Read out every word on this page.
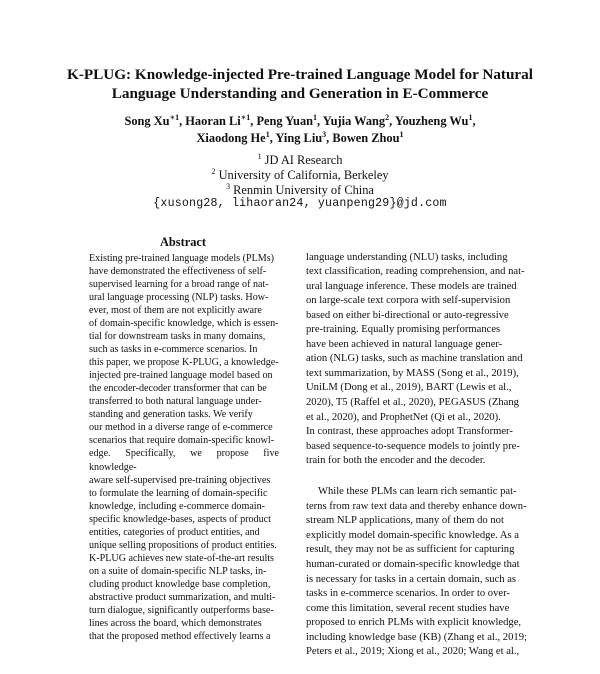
K-PLUG: Knowledge-injected Pre-trained Language Model for Natural
Language Understanding and Generation in E-Commerce
Song $Xu^{∗1}$, Haoran $Li^{∗1}$, Peng Yuan$^1$, Yujia Wang$^2$, Youzheng Wu$^1$,
Xiaodong He$^1$, Ying Liu$^3$, Bowen Zhou$^1$
$^1$ JD AI Research
$^2$ University of California, Berkeley
$^3$ Renmin University of China
{xusong28, lihaoran24, yuanpeng29}@jd.com
Abstract

Existing pre-trained language models (PLMs)
have demonstrated the effectiveness of self-
supervised learning for a broad range of nat-
ural language processing (NLP) tasks. How-
ever, most of them are not explicitly aware
of domain-specific knowledge, which is essen-
tial for downstream tasks in many domains,
such as tasks in e-commerce scenarios. In
this paper, we propose K-PLUG, a knowledge-
injected pre-trained language model based on
the encoder-decoder transformer that can be
transferred to both natural language under-
standing and generation tasks. We verify
our method in a diverse range of e-commerce
scenarios that require domain-specific knowl-
edge. Specifically, we propose five knowledge-
aware self-supervised pre-training objectives
to formulate the learning of domain-specific
knowledge, including e-commerce domain-
specific knowledge-bases, aspects of product
entities, categories of product entities, and
unique selling propositions of product entities.
K-PLUG achieves new state-of-the-art results
on a suite of domain-specific NLP tasks, in-
cluding product knowledge base completion,
abstractive product summarization, and multi-
turn dialogue, significantly outperforms base-
lines across the board, which demonstrates
that the proposed method effectively learns a

language understanding (NLU) tasks, including
text classification, reading comprehension, and nat-
ural language inference. These models are trained
on large-scale text corpora with self-supervision
based on either bi-directional or auto-regressive
pre-training. Equally promising performances
have been achieved in natural language gener-
ation (NLG) tasks, such as machine translation and
text summarization, by MASS (Song et al., 2019),
UniLM (Dong et al., 2019), BART (Lewis et al.,
2020), T5 (Raffel et al., 2020), PEGASUS (Zhang
et al., 2020), and ProphetNet (Qi et al., 2020).
In contrast, these approaches adopt Transformer-
based sequence-to-sequence models to jointly pre-
train for both the encoder and the decoder.

While these PLMs can learn rich semantic pat-
terns from raw text data and thereby enhance down-
stream NLP applications, many of them do not
explicitly model domain-specific knowledge. As a
result, they may not be as sufficient for capturing
human-curated or domain-specific knowledge that
is necessary for tasks in a certain domain, such as
tasks in e-commerce scenarios. In order to over-
come this limitation, several recent studies have
proposed to enrich PLMs with explicit knowledge,
including knowledge base (KB) (Zhang et al., 2019;
Peters et al., 2019; Xiong et al., 2020; Wang et al.,
